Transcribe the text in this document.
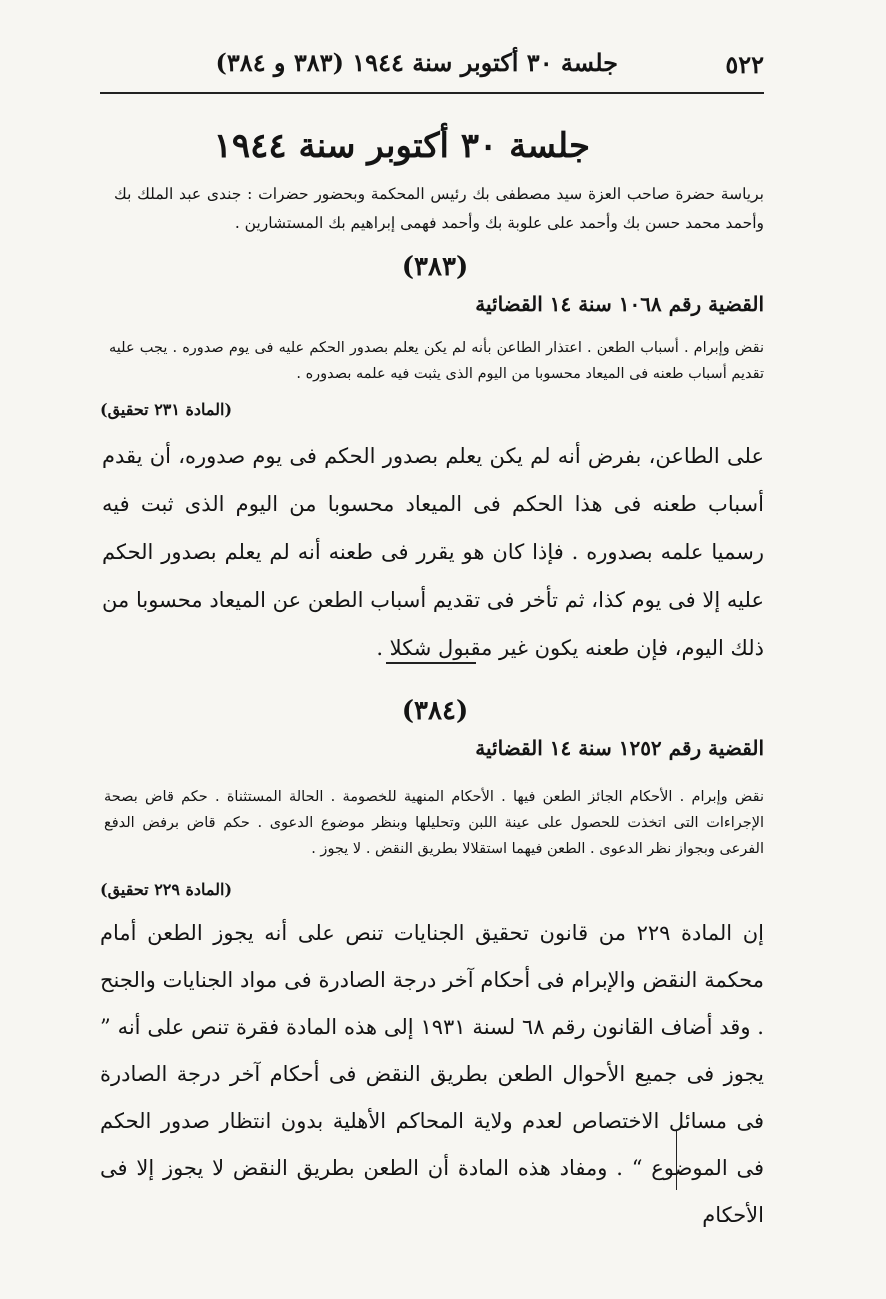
٥٢٢
جلسة ٣٠ أكتوبر سنة ١٩٤٤ (٣٨٣ و ٣٨٤)
جلسة ٣٠ أكتوبر سنة ١٩٤٤
برياسة حضرة صاحب العزة سيد مصطفى بك رئيس المحكمة وبحضور حضرات : جندى عبد الملك بك وأحمد محمد حسن بك وأحمد على علوبة بك وأحمد فهمى إبراهيم بك المستشارين .
(٣٨٣)
القضية رقم ١٠٦٨ سنة ١٤ القضائية
نقض وإبرام . أسباب الطعن . اعتذار الطاعن بأنه لم يكن يعلم بصدور الحكم عليه فى يوم صدوره . يجب عليه تقديم أسباب طعنه فى الميعاد محسوبا من اليوم الذى يثبت فيه علمه بصدوره .
(المادة ٢٣١ تحقيق)
على الطاعن، بفرض أنه لم يكن يعلم بصدور الحكم فى يوم صدوره، أن يقدم أسباب طعنه فى هذا الحكم فى الميعاد محسوبا من اليوم الذى ثبت فيه رسميا علمه بصدوره . فإذا كان هو يقرر فى طعنه أنه لم يعلم بصدور الحكم عليه إلا فى يوم كذا، ثم تأخر فى تقديم أسباب الطعن عن الميعاد محسوبا من ذلك اليوم، فإن طعنه يكون غير مقبول شكلا .
(٣٨٤)
القضية رقم ١٢٥٢ سنة ١٤ القضائية
نقض وإبرام . الأحكام الجائز الطعن فيها . الأحكام المنهية للخصومة . الحالة المستثناة . حكم قاض بصحة الإجراءات التى اتخذت للحصول على عينة اللبن وتحليلها وبنظر موضوع الدعوى . حكم قاض برفض الدفع الفرعى وبجواز نظر الدعوى . الطعن فيهما استقلالا بطريق النقض . لا يجوز .
(المادة ٢٢٩ تحقيق)
إن المادة ٢٢٩ من قانون تحقيق الجنايات تنص على أنه يجوز الطعن أمام محكمة النقض والإبرام فى أحكام آخر درجة الصادرة فى مواد الجنايات والجنح . وقد أضاف القانون رقم ٦٨ لسنة ١٩٣١ إلى هذه المادة فقرة تنص على أنه ” يجوز فى جميع الأحوال الطعن بطريق النقض فى أحكام آخر درجة الصادرة فى مسائل الاختصاص لعدم ولاية المحاكم الأهلية بدون انتظار صدور الحكم فى الموضوع “ . ومفاد هذه المادة أن الطعن بطريق النقض لا يجوز إلا فى الأحكام
